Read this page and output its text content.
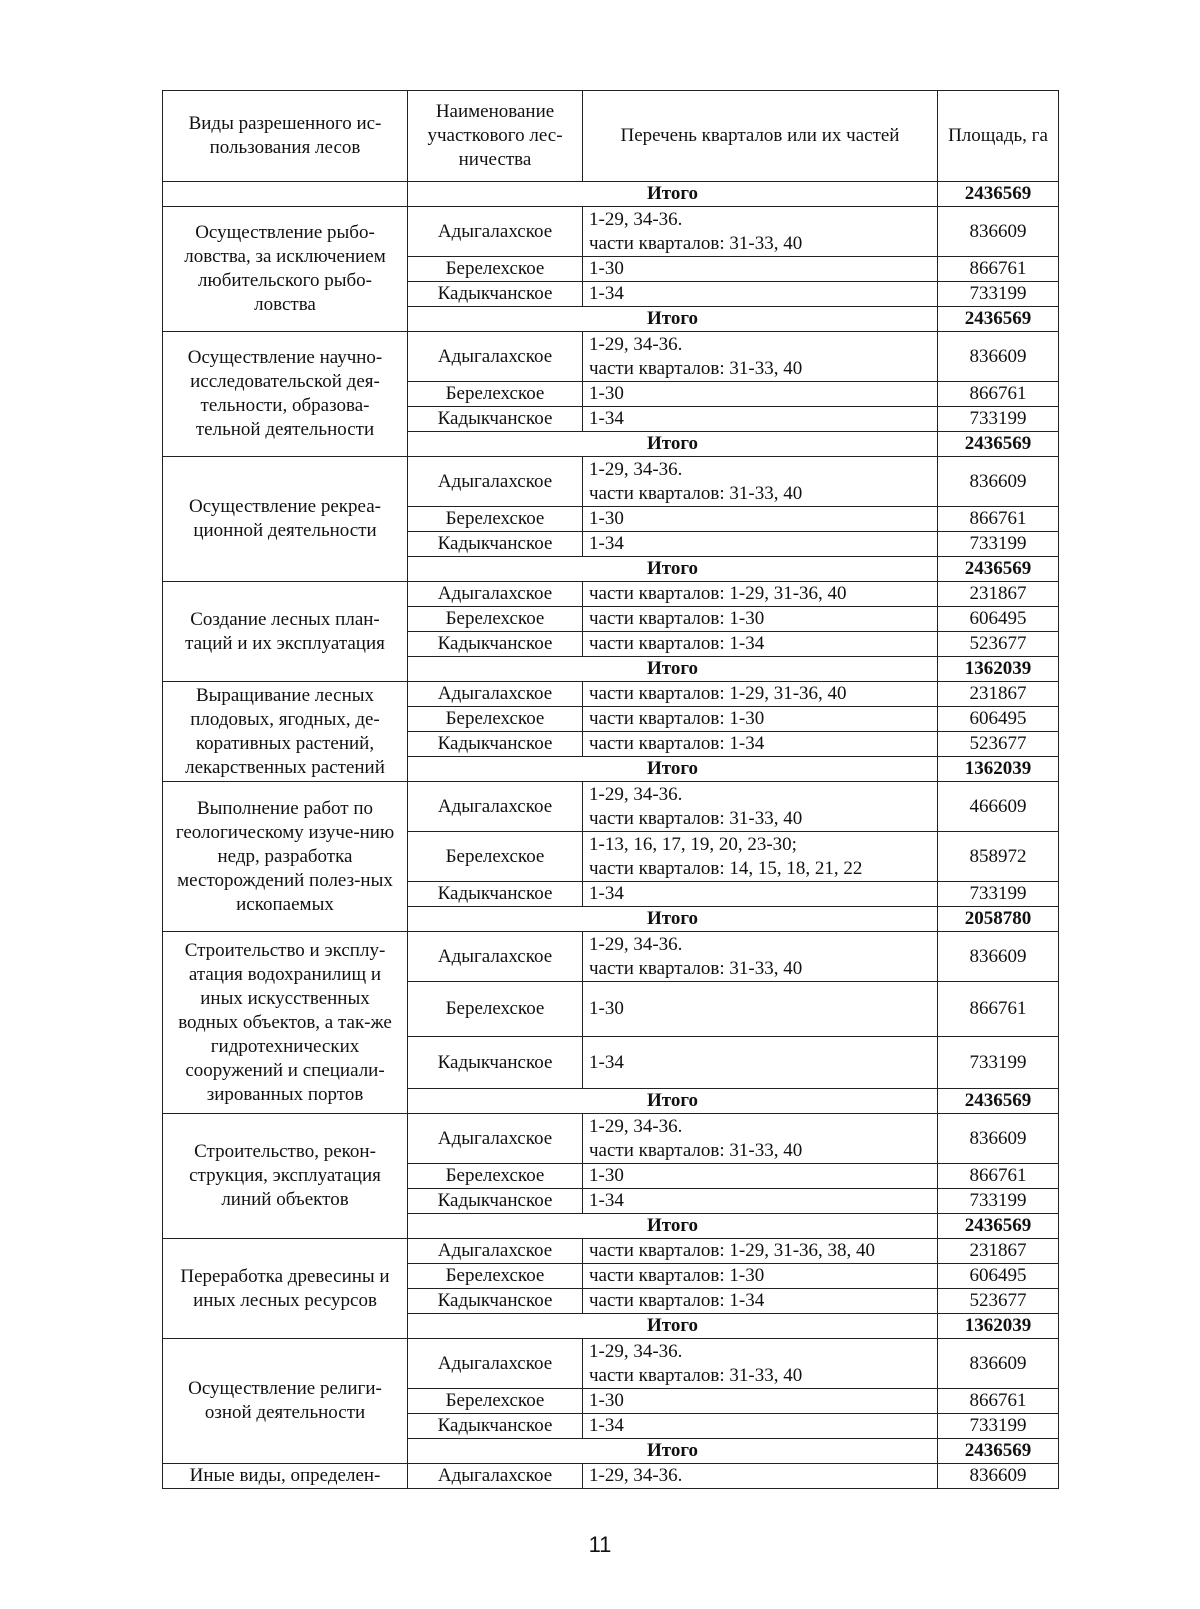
Виды разрешенного ис-пользования лесов	Наименование участкового лес-ничества	Перечень кварталов или их частей	Площадь, га
	Итого		2436569
Осуществление рыбо-ловства, за исключением любительского рыбо-ловства	Адыгалахское	1-29, 34-36.
части кварталов: 31-33, 40	836609
	Берелехское	1-30	866761
	Кадыкчанское	1-34	733199
	Итого		2436569
Осуществление научно-исследовательской дея-тельности, образова-тельной деятельности	Адыгалахское	1-29, 34-36.
части кварталов: 31-33, 40	836609
	Берелехское	1-30	866761
	Кадыкчанское	1-34	733199
	Итого		2436569
Осуществление рекреа-ционной деятельности	Адыгалахское	1-29, 34-36.
части кварталов: 31-33, 40	836609
	Берелехское	1-30	866761
	Кадыкчанское	1-34	733199
	Итого		2436569
Создание лесных план-таций и их эксплуатация	Адыгалахское	части кварталов: 1-29, 31-36, 40	231867
	Берелехское	части кварталов: 1-30	606495
	Кадыкчанское	части кварталов: 1-34	523677
	Итого		1362039
Выращивание лесных плодовых, ягодных, де-коративных растений, лекарственных растений	Адыгалахское	части кварталов: 1-29, 31-36, 40	231867
	Берелехское	части кварталов: 1-30	606495
	Кадыкчанское	части кварталов: 1-34	523677
	Итого		1362039
Выполнение работ по геологическому изуче-нию недр, разработка месторождений полез-ных ископаемых	Адыгалахское	1-29, 34-36.
части кварталов: 31-33, 40	466609
	Берелехское	1-13, 16, 17, 19, 20, 23-30;
части кварталов: 14, 15, 18, 21, 22	858972
	Кадыкчанское	1-34	733199
	Итого		2058780
Строительство и эксплу-атация водохранилищ и иных искусственных водных объектов, а так-же гидротехнических сооружений и специали-зированных портов	Адыгалахское	1-29, 34-36.
части кварталов: 31-33, 40	836609
	Берелехское	1-30	866761
	Кадыкчанское	1-34	733199
	Итого		2436569
Строительство, рекон-струкция, эксплуатация линий объектов	Адыгалахское	1-29, 34-36.
части кварталов: 31-33, 40	836609
	Берелехское	1-30	866761
	Кадыкчанское	1-34	733199
	Итого		2436569
Переработка древесины и иных лесных ресурсов	Адыгалахское	части кварталов: 1-29, 31-36, 38, 40	231867
	Берелехское	части кварталов: 1-30	606495
	Кадыкчанское	части кварталов: 1-34	523677
	Итого		1362039
Осуществление религи-озной деятельности	Адыгалахское	1-29, 34-36.
части кварталов: 31-33, 40	836609
	Берелехское	1-30	866761
	Кадыкчанское	1-34	733199
	Итого		2436569
Иные виды, определен-	Адыгалахское	1-29, 34-36.	836609
11
